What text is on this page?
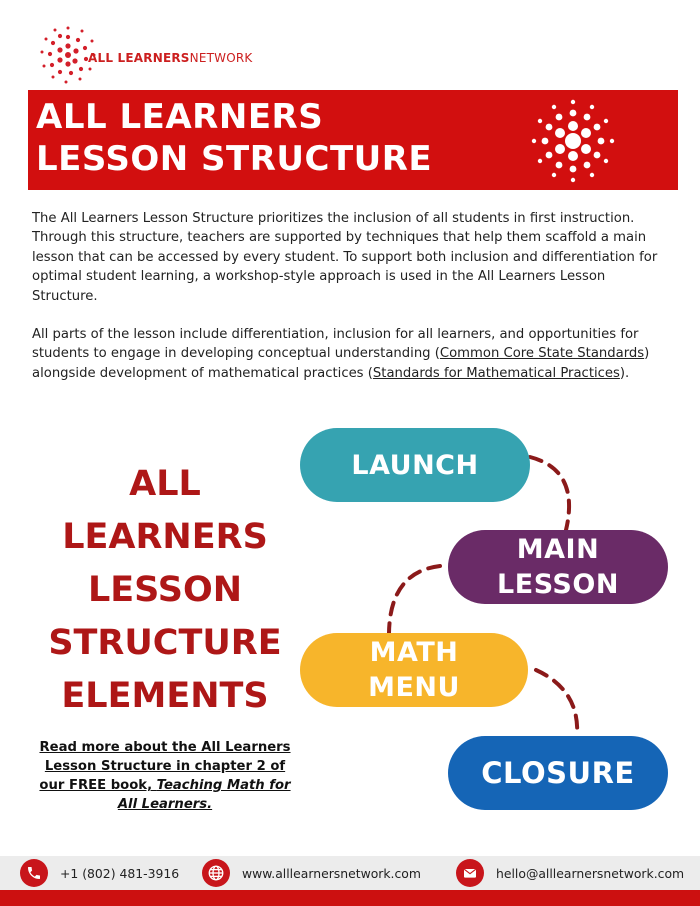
ALL LEARNERSNETWORK
ALL LEARNERS
LESSON STRUCTURE

The All Learners Lesson Structure prioritizes the inclusion of all students in first instruction. Through this structure, teachers are supported by techniques that help them scaffold a main lesson that can be accessed by every student. To support both inclusion and differentiation for optimal student learning, a workshop-style approach is used in the All Learners Lesson Structure.

All parts of the lesson include differentiation, inclusion for all learners, and opportunities for students to engage in developing conceptual understanding (Common Core State Standards) alongside development of mathematical practices (Standards for Mathematical Practices).

ALL
LEARNERS
LESSON
STRUCTURE
ELEMENTS
Read more about the All Learners Lesson Structure in chapter 2 of our FREE book, Teaching Math for All Learners.
LAUNCH
MAIN
LESSON
MATH
MENU
CLOSURE
+1 (802) 481-3916	www.alllearnersnetwork.com	hello@alllearnersnetwork.com
